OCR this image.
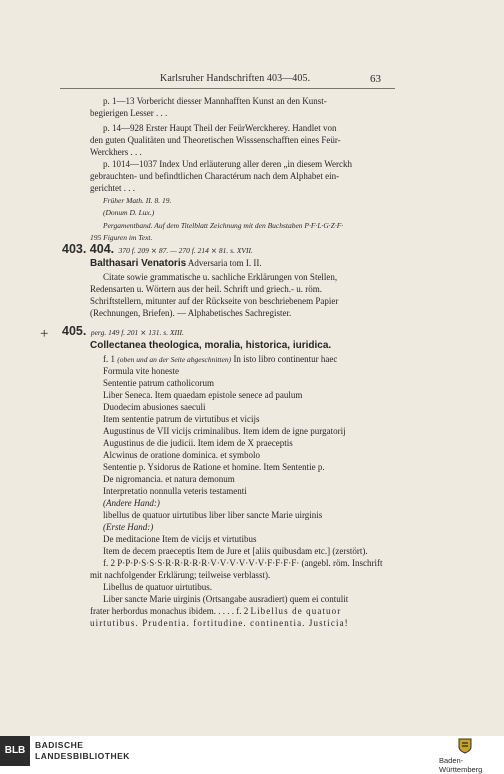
Karlsruher Handschriften 403—405.	63
p. 1—13 Vorbericht diesser Mannhafften Kunst an den Kunst-
begierigen Lesser . . .
p. 14—928 Erster Haupt Theil der FeürWerckherey. Handlet von
den guten Qualitäten und Theoretischen Wisssenschafften eines Feür-
Werckhers . . .
p. 1014—1037 Index Und erläuterung aller deren „in diesem Werckh
gebrauchten- und befindtlichen Charactérum nach dem Alphabet ein-
gerichtet . . .
Früher Math. II. 8. 19.
(Donum D. Lux.)
Pergamentband. Auf dem Titelblatt Zeichnung mit den Buchstaben P·F·L·G·Z·F·
195 Figuren im Text.
403. 404. 370 f. 209 ⨯ 87. — 270 f. 214 ⨯ 81. s. XVII.
Balthasari Venatoris Adversaria tom I. II.
Citate sowie grammatische u. sachliche Erklärungen von Stellen,
Redensarten u. Wörtern aus der heil. Schrift und griech.- u. röm.
Schriftstellern, mitunter auf der Rückseite von beschriebenem Papier
(Rechnungen, Briefen). — Alphabetisches Sachregister.
+ 405. perg. 149 f. 201 ⨯ 131. s. XIII.
Collectanea theologica, moralia, historica, iuridica.
f. 1 (oben und an der Seite abgeschnitten) In isto libro continentur haec
Formula vite honeste
Sententie patrum catholicorum
Liber Seneca. Item quaedam epistole senece ad paulum
Duodecim abusiones saeculi
Item sententie patrum de virtutibus et vicijs
Augustinus de VII vicijs criminalibus. Item idem de igne purgatorij
Augustinus de die judicii. Item idem de X praeceptis
Alcwinus de oratione dominica. et symbolo
Sententie p. Ysidorus de Ratione et homine. Item Sententie p.
De nigromancia. et natura demonum
Interpretatio nonnulla veteris testamenti
(Andere Hand:)
libellus de quatuor uirtutibus liber liber sancte Marie uirginis
(Erste Hand:)
De meditacione Item de vicijs et virtutibus
Item de decem praeceptis Item de Jure et [aliis quibusdam etc.] (zerstört).
f. 2 P·P·P·S·S·S·R·R·R·R·R·V·V·V·V·V·V·F·F·F·F· (angebl. röm. Inschrift
mit nachfolgender Erklärung; teilweise verblasst).
Libellus de quatuor uirtutibus.
Liber sancte Marie uirginis (Ortsangabe ausradiert) quem ei contulit
frater herbordus monachus ibidem. . . . . f. 2 Libellus de quatuor
uirtutibus. Prudentia. fortitudine. continentia. Justicia!
BLB	BADISCHE
LANDESBIBLIOTHEK	Baden-Württemberg
